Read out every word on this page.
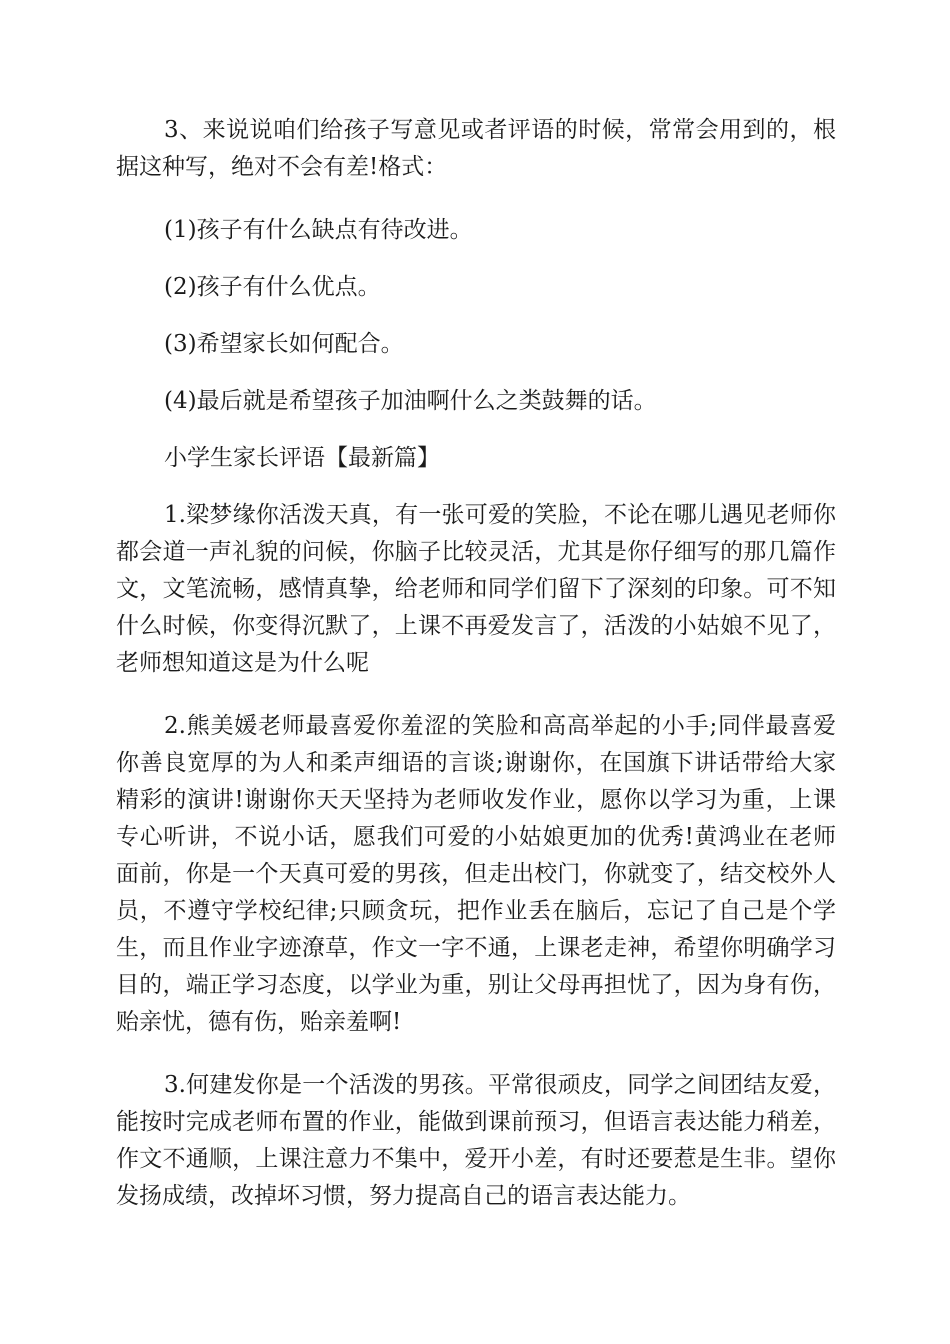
3、来说说咱们给孩子写意见或者评语的时候，常常会用到的，根据这种写，绝对不会有差!格式：

(1)孩子有什么缺点有待改进。

(2)孩子有什么优点。

(3)希望家长如何配合。

(4)最后就是希望孩子加油啊什么之类鼓舞的话。

小学生家长评语【最新篇】

1.梁梦缘你活泼天真，有一张可爱的笑脸，不论在哪儿遇见老师你都会道一声礼貌的问候，你脑子比较灵活，尤其是你仔细写的那几篇作文，文笔流畅，感情真挚，给老师和同学们留下了深刻的印象。可不知什么时候，你变得沉默了，上课不再爱发言了，活泼的小姑娘不见了，老师想知道这是为什么呢

2.熊美媛老师最喜爱你羞涩的笑脸和高高举起的小手;同伴最喜爱你善良宽厚的为人和柔声细语的言谈;谢谢你，在国旗下讲话带给大家精彩的演讲!谢谢你天天坚持为老师收发作业，愿你以学习为重，上课专心听讲，不说小话，愿我们可爱的小姑娘更加的优秀!黄鸿业在老师面前，你是一个天真可爱的男孩，但走出校门，你就变了，结交校外人员，不遵守学校纪律;只顾贪玩，把作业丢在脑后，忘记了自己是个学生，而且作业字迹潦草，作文一字不通，上课老走神，希望你明确学习目的，端正学习态度，以学业为重，别让父母再担忧了，因为身有伤，贻亲忧，德有伤，贻亲羞啊!

3.何建发你是一个活泼的男孩。平常很顽皮，同学之间团结友爱，能按时完成老师布置的作业，能做到课前预习，但语言表达能力稍差，作文不通顺，上课注意力不集中，爱开小差，有时还要惹是生非。望你发扬成绩，改掉坏习惯，努力提高自己的语言表达能力。
